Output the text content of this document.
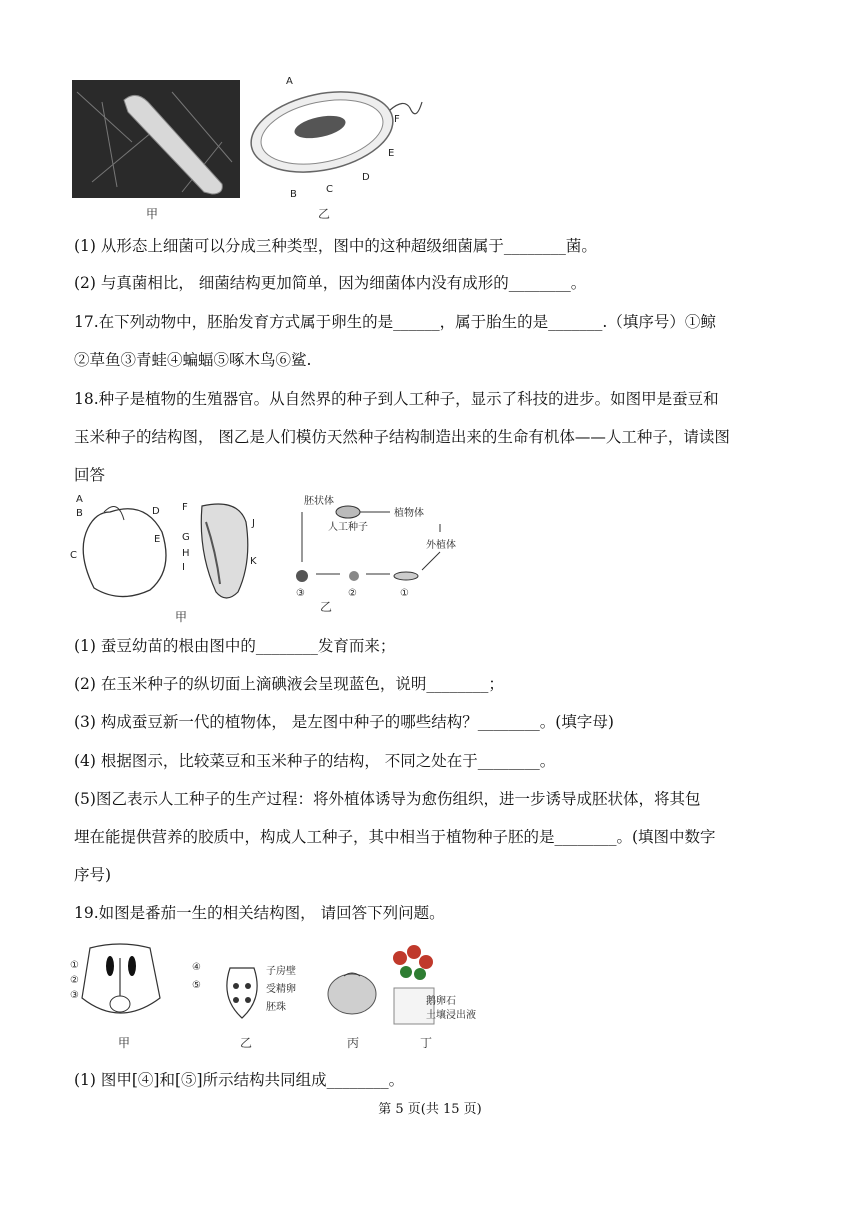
A
B	C
D
E
F
甲	乙
(1) 从形态上细菌可以分成三种类型，图中的这种超级细菌属于________菌。
(2) 与真菌相比， 细菌结构更加简单，因为细菌体内没有成形的________。
17.在下列动物中，胚胎发育方式属于卵生的是______，属于胎生的是_______.（填序号）①鲸
②草鱼③青蛙④蝙蝠⑤啄木鸟⑥鲨.
18.种子是植物的生殖器官。从自然界的种子到人工种子，显示了科技的进步。如图甲是蚕豆和
玉米种子的结构图， 图乙是人们模仿天然种子结构制造出来的生命有机体——人工种子，请读图
回答
A
B
C
D
E
F
G
H
I
J
K
胚状体
人工种子
植物体
外植体
①
②
③
甲
乙
(1) 蚕豆幼苗的根由图中的________发育而来；
(2) 在玉米种子的纵切面上滴碘液会呈现蓝色，说明________；
(3) 构成蚕豆新一代的植物体， 是左图中种子的哪些结构？________。(填字母)
(4) 根据图示，比较菜豆和玉米种子的结构， 不同之处在于________。
(5)图乙表示人工种子的生产过程：将外植体诱导为愈伤组织，进一步诱导成胚状体，将其包
埋在能提供营养的胶质中，构成人工种子，其中相当于植物种子胚的是________。(填图中数字
序号)
19.如图是番茄一生的相关结构图， 请回答下列问题。
①
②
③
④
⑤
子房壁
受精卵
胚珠
鹅卵石
土壤浸出液
甲	乙	丙	丁
(1) 图甲[④]和[⑤]所示结构共同组成________。
第 5 页(共 15 页)
